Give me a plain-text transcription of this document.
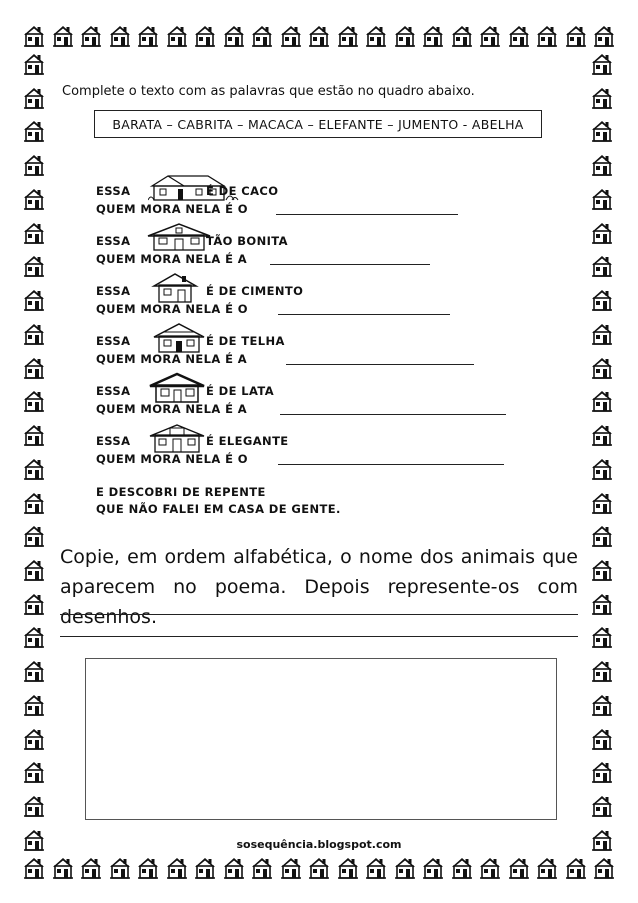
Complete o texto com as palavras que estão no quadro abaixo.
BARATA – CABRITA – MACACA – ELEFANTE – JUMENTO - ABELHA
ESSA	É DE CACO
QUEM MORA NELA É O
ESSA	TÃO BONITA
QUEM MORA NELA É A
ESSA	É DE CIMENTO
QUEM MORA NELA É O
ESSA	É DE TELHA
QUEM MORA NELA É A
ESSA	É DE LATA
QUEM MORA NELA É A
ESSA	É ELEGANTE
QUEM MORA NELA É O
E DESCOBRI DE REPENTE
QUE NÃO FALEI EM CASA DE GENTE.
Copie, em ordem alfabética, o nome dos animais que aparecem no poema. Depois represente-os com desenhos.
sosequência.blogspot.com
